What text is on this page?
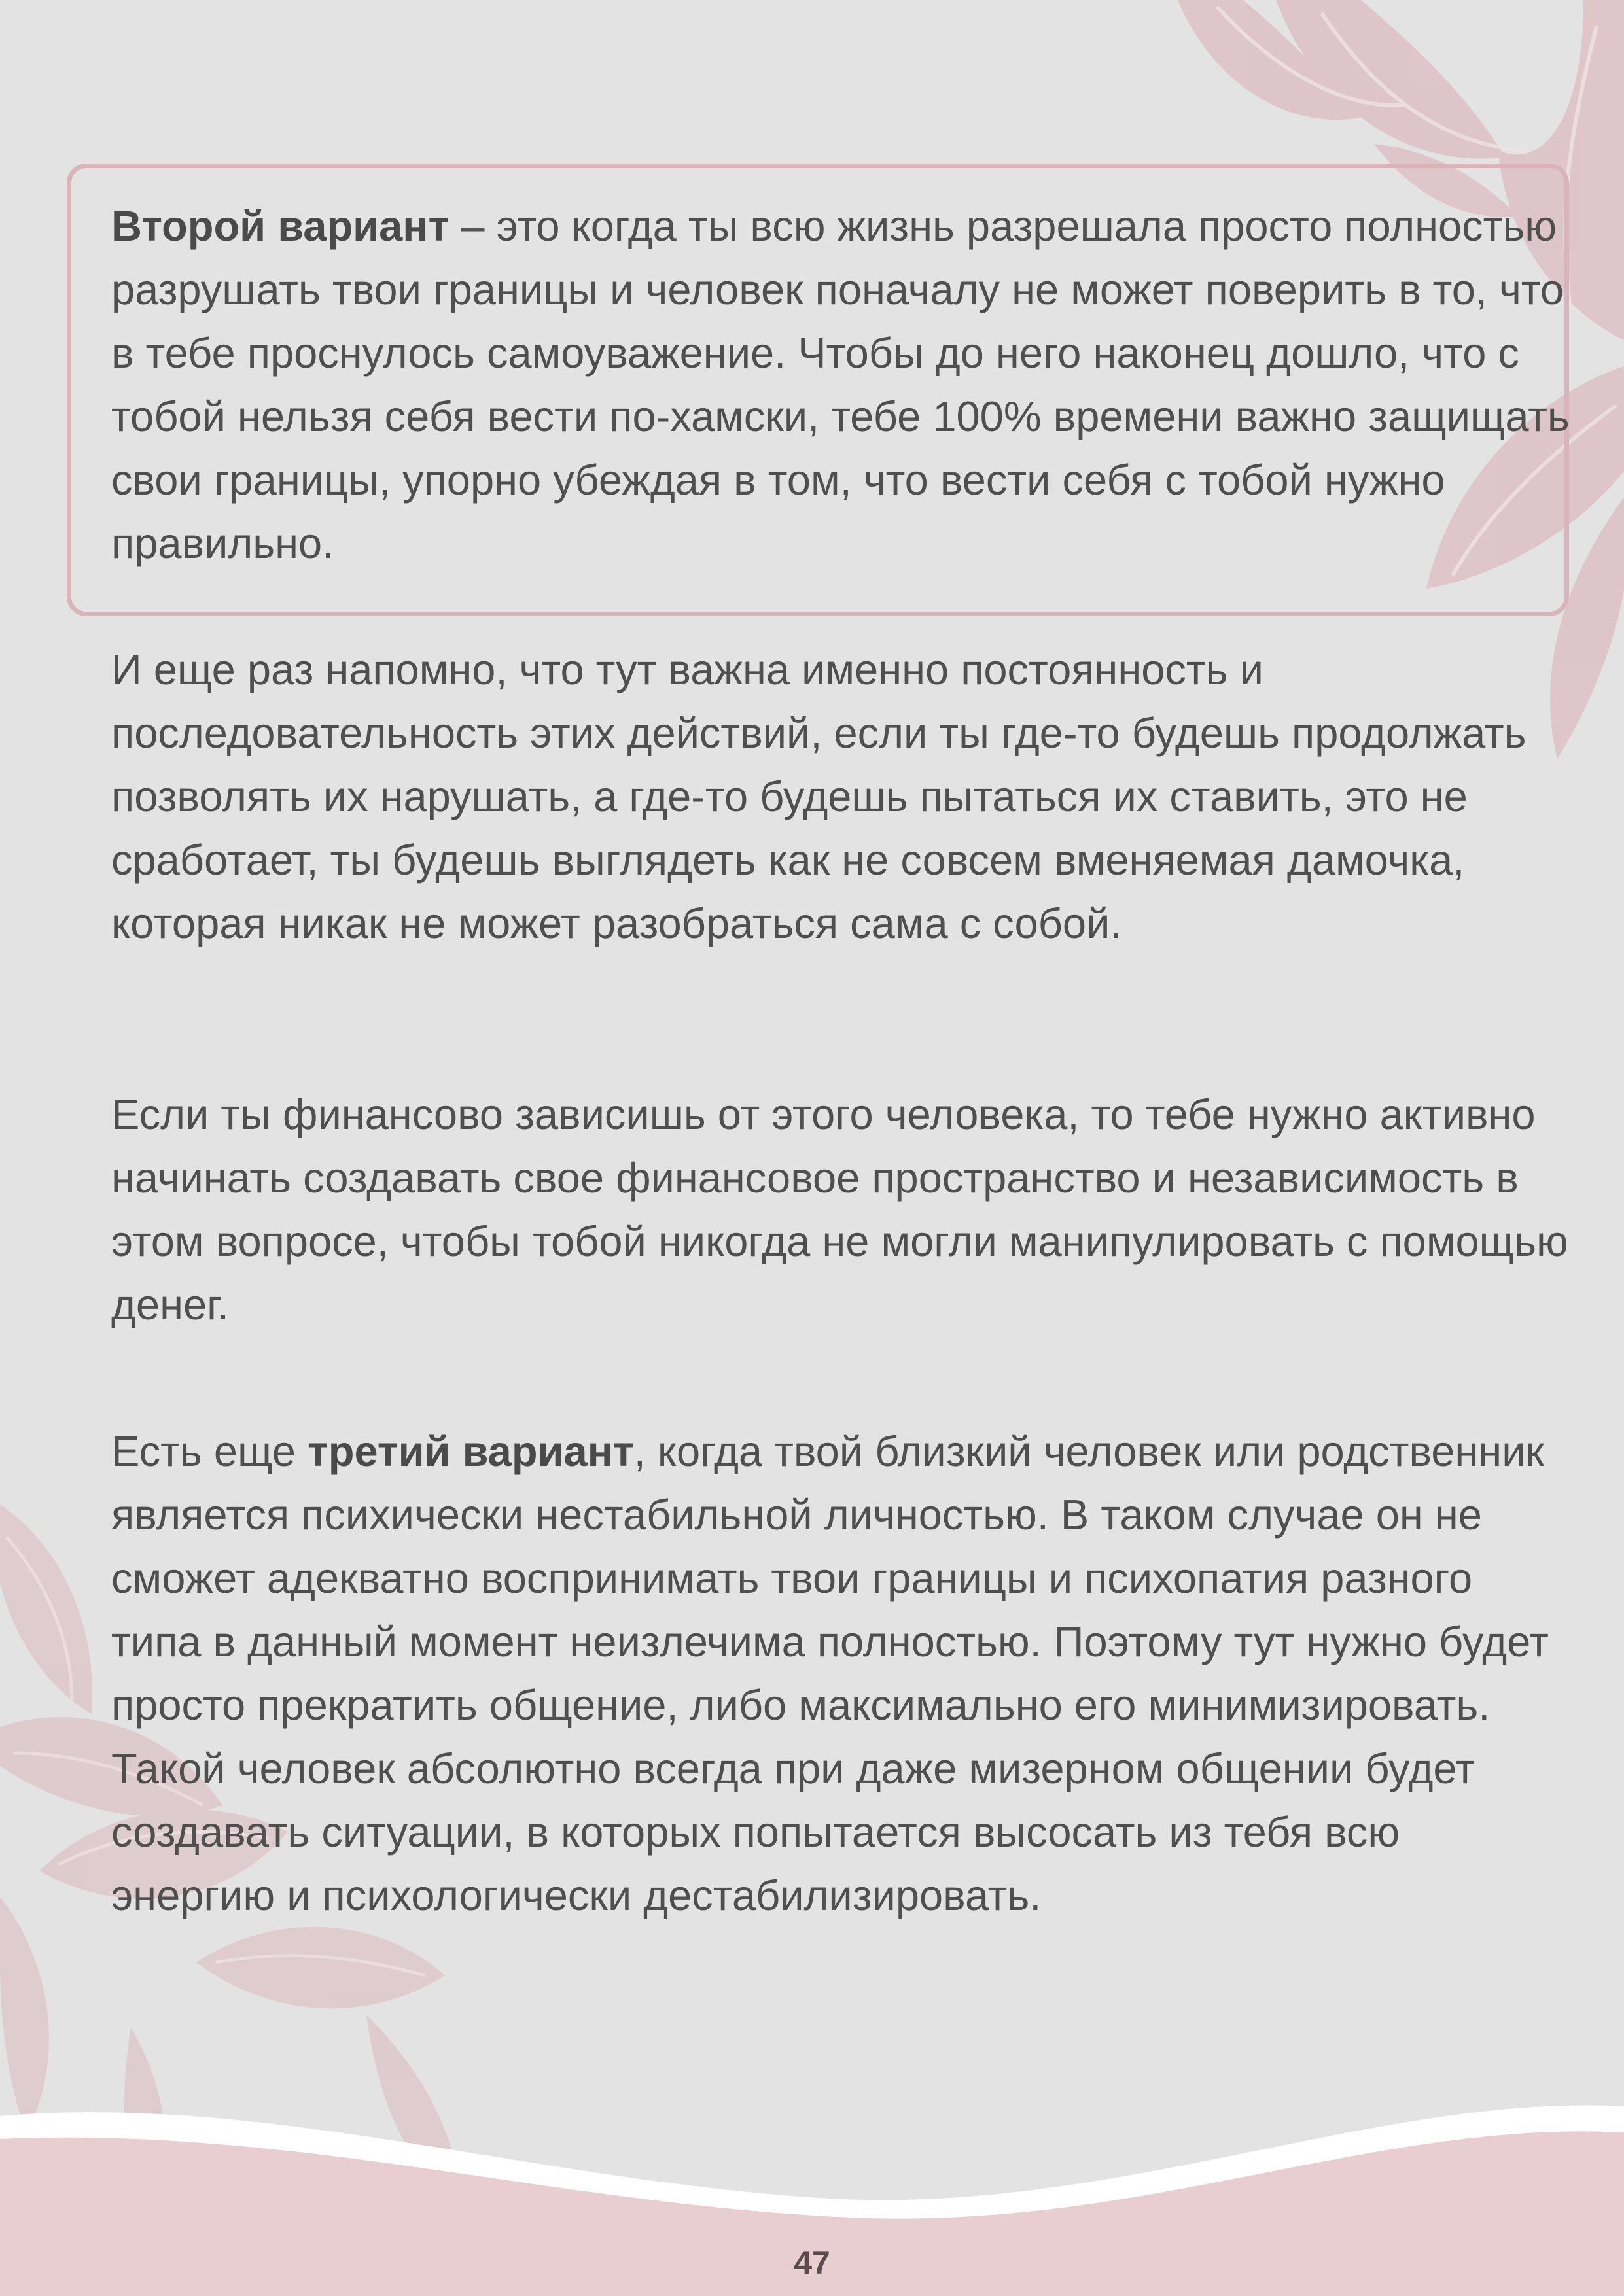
Второй вариант – это когда ты всю жизнь разрешала просто полностью разрушать твои границы и человек поначалу не может поверить в то, что в тебе проснулось самоуважение. Чтобы до него наконец дошло, что с тобой нельзя себя вести по-хамски, тебе 100% времени важно защищать свои границы, упорно убеждая в том, что вести себя с тобой нужно правильно.

И еще раз напомно, что тут важна именно постоянность и последовательность этих действий, если ты где-то будешь продолжать позволять их нарушать, а где-то будешь пытаться их ставить, это не сработает, ты будешь выглядеть как не совсем вменяемая дамочка, которая никак не может разобраться сама с собой.

Если ты финансово зависишь от этого человека, то тебе нужно активно начинать создавать свое финансовое пространство и независимость в этом вопросе, чтобы тобой никогда не могли манипулировать с помощью денег.

Есть еще третий вариант, когда твой близкий человек или родственник является психически нестабильной личностью. В таком случае он не сможет адекватно воспринимать твои границы и психопатия разного типа в данный момент неизлечима полностью. Поэтому тут нужно будет просто прекратить общение, либо максимально его минимизировать. Такой человек абсолютно всегда при даже мизерном общении будет создавать ситуации, в которых попытается высосать из тебя всю энергию и психологически дестабилизировать.

47
